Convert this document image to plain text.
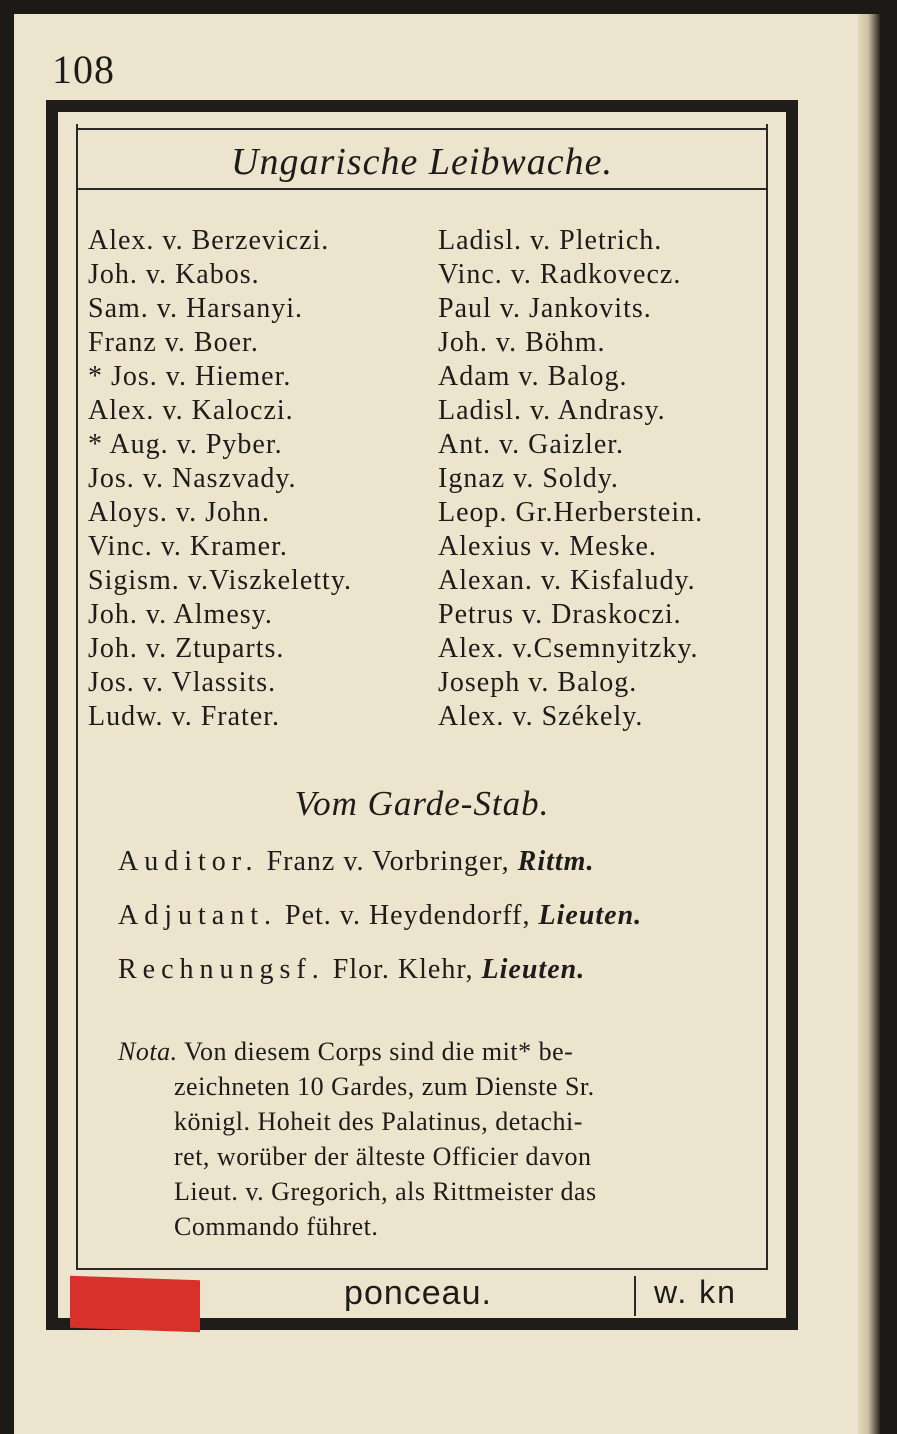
108
Ungarische Leibwache.
Alex. v. Berzeviczi.
Joh. v. Kabos.
Sam. v. Harsanyi.
Franz v. Boer.
* Jos. v. Hiemer.
Alex. v. Kaloczi.
* Aug. v. Pyber.
Jos. v. Naszvady.
Aloys. v. John.
Vinc. v. Kramer.
Sigism. v.Viszkeletty.
Joh. v. Almesy.
Joh. v. Ztuparts.
Jos. v. Vlassits.
Ludw. v. Frater.
Ladisl. v. Pletrich.
Vinc. v. Radkovecz.
Paul v. Jankovits.
Joh. v. Böhm.
Adam v. Balog.
Ladisl. v. Andrasy.
Ant. v. Gaizler.
Ignaz v. Soldy.
Leop. Gr.Herberstein.
Alexius v. Meske.
Alexan. v. Kisfaludy.
Petrus v. Draskoczi.
Alex. v.Csemnyitzky.
Joseph v. Balog.
Alex. v. Székely.
Vom Garde-Stab.
Auditor. Franz v. Vorbringer, Rittm.
Adjutant. Pet. v. Heydendorff, Lieuten.
Rechnungsf. Flor. Klehr, Lieuten.
Nota. Von diesem Corps sind die mit* be-
zeichneten 10 Gardes, zum Dienste Sr.
königl. Hoheit des Palatinus, detachi-
ret, worüber der älteste Officier davon
Lieut. v. Gregorich, als Rittmeister das
Commando führet.
ponceau.	w. kn
